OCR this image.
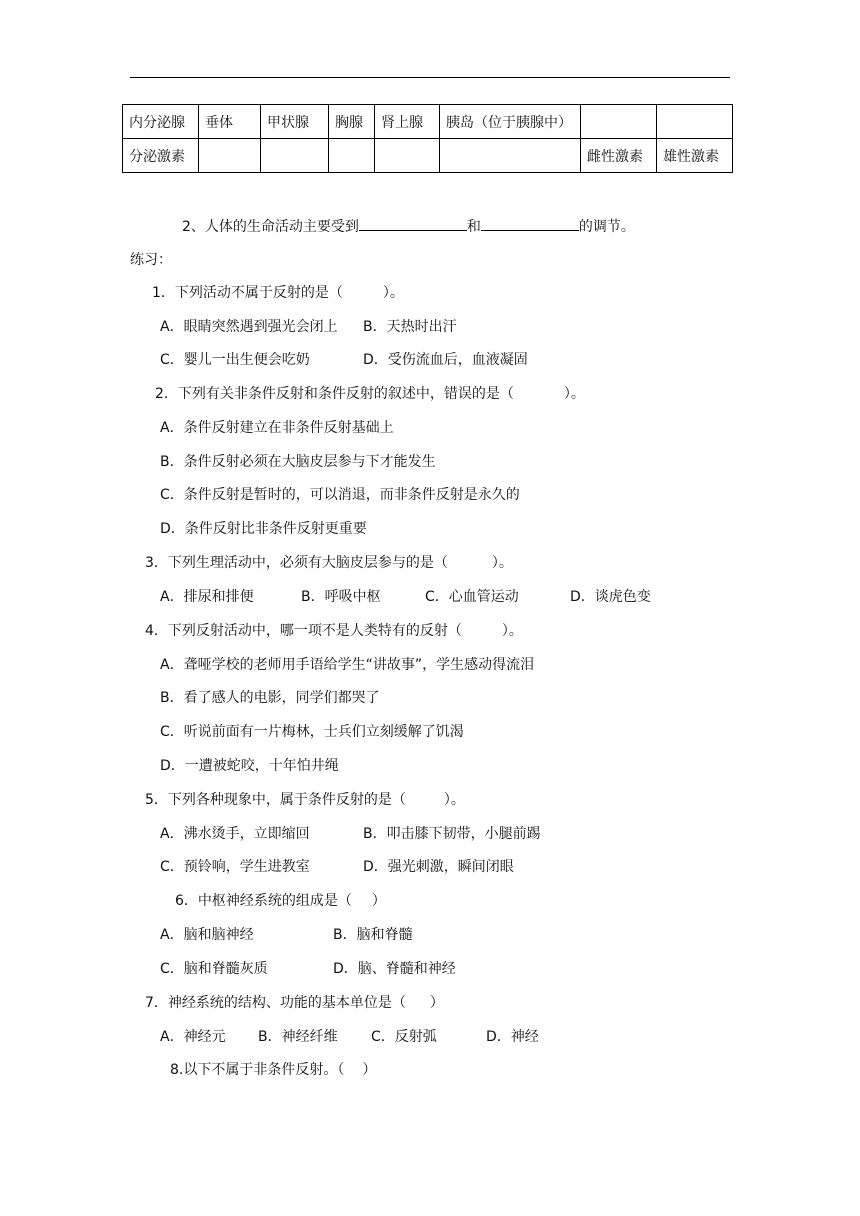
内分泌腺	垂体	甲状腺	胸腺	肾上腺	胰岛（位于胰腺中）		
分泌激素						雌性激素	雄性激素
2、人体的生命活动主要受到	和	的调节。
练习：
1．下列活动不属于反射的是（	）。
A．眼睛突然遇到强光会闭上 B．天热时出汗
C．婴儿一出生便会吃奶	D．受伤流血后，血液凝固
2．下列有关非条件反射和条件反射的叙述中，错误的是（	）。
A．条件反射建立在非条件反射基础上
B．条件反射必须在大脑皮层参与下才能发生
C．条件反射是暂时的，可以消退，而非条件反射是永久的
D．条件反射比非条件反射更重要
3．下列生理活动中，必须有大脑皮层参与的是（	）。
A．排尿和排便	B．呼吸中枢	C．心血管运动	D．谈虎色变
4．下列反射活动中，哪一项不是人类特有的反射（	）。
A．聋哑学校的老师用手语给学生“讲故事”，学生感动得流泪
B．看了感人的电影，同学们都哭了
C．听说前面有一片梅林，士兵们立刻缓解了饥渴
D．一遭被蛇咬，十年怕井绳
5．下列各种现象中，属于条件反射的是（	）。
A．沸水烫手，立即缩回	B．叩击膝下韧带，小腿前踢
C．预铃响，学生进教室	D．强光刺激，瞬间闭眼
6．中枢神经系统的组成是（ ）
A．脑和脑神经	B．脑和脊髓
C．脑和脊髓灰质	D．脑、脊髓和神经
7．神经系统的结构、功能的基本单位是（ ）
A．神经元 B．神经纤维 C．反射弧	D．神经
8.以下不属于非条件反射。（ ）
